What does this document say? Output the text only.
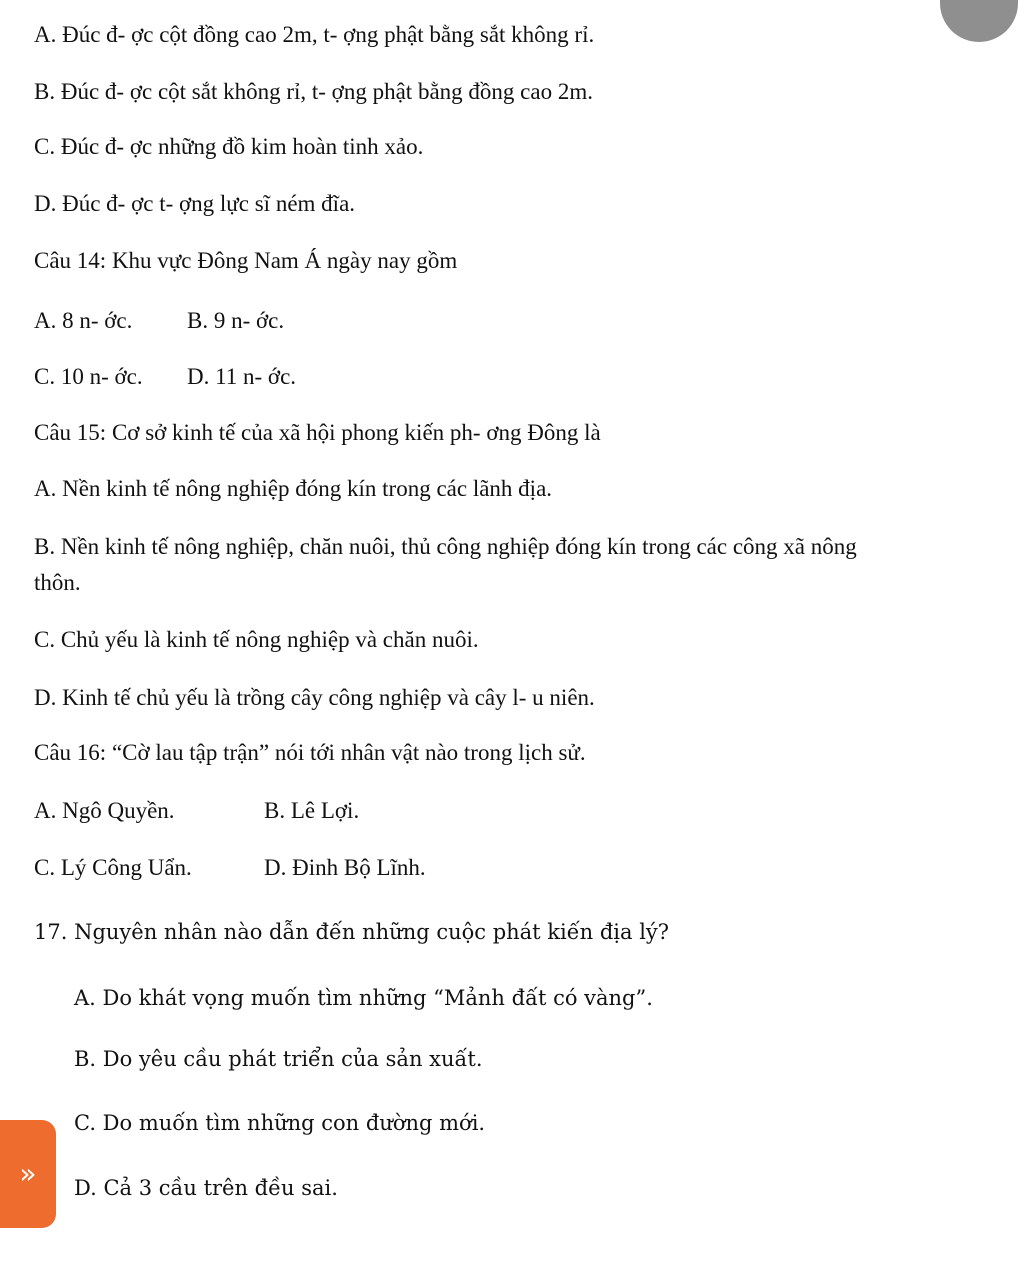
A. Đúc đ- ợc cột đồng cao 2m, t- ợng phật bằng sắt không rỉ.
B. Đúc đ- ợc cột sắt không rỉ, t- ợng phật bằng đồng cao 2m.
C. Đúc đ- ợc những đồ kim hoàn tinh xảo.
D. Đúc đ- ợc t- ợng lực sĩ ném đĩa.
Câu 14: Khu vực Đông Nam Á ngày nay gồm
A. 8 n- ớc. B. 9 n- ớc.
C. 10 n- ớc. D. 11 n- ớc.
Câu 15: Cơ sở kinh tế của xã hội phong kiến ph- ơng Đông là
A. Nền kinh tế nông nghiệp đóng kín trong các lãnh địa.
B. Nền kinh tế nông nghiệp, chăn nuôi, thủ công nghiệp đóng kín trong các công xã nông
thôn.
C. Chủ yếu là kinh tế nông nghiệp và chăn nuôi.
D. Kinh tế chủ yếu là trồng cây công nghiệp và cây l- u niên.
Câu 16: “Cờ lau tập trận” nói tới nhân vật nào trong lịch sử.
A. Ngô Quyền.	B. Lê Lợi.
C. Lý Công Uẩn.	D. Đinh Bộ Lĩnh.
17. Nguyên nhân nào dẫn đến những cuộc phát kiến địa lý?
A. Do khát vọng muốn tìm những “Mảnh đất có vàng”.
B. Do yêu cầu phát triển của sản xuất.
C. Do muốn tìm những con đường mới.
D. Cả 3 cầu trên đều sai.
»
